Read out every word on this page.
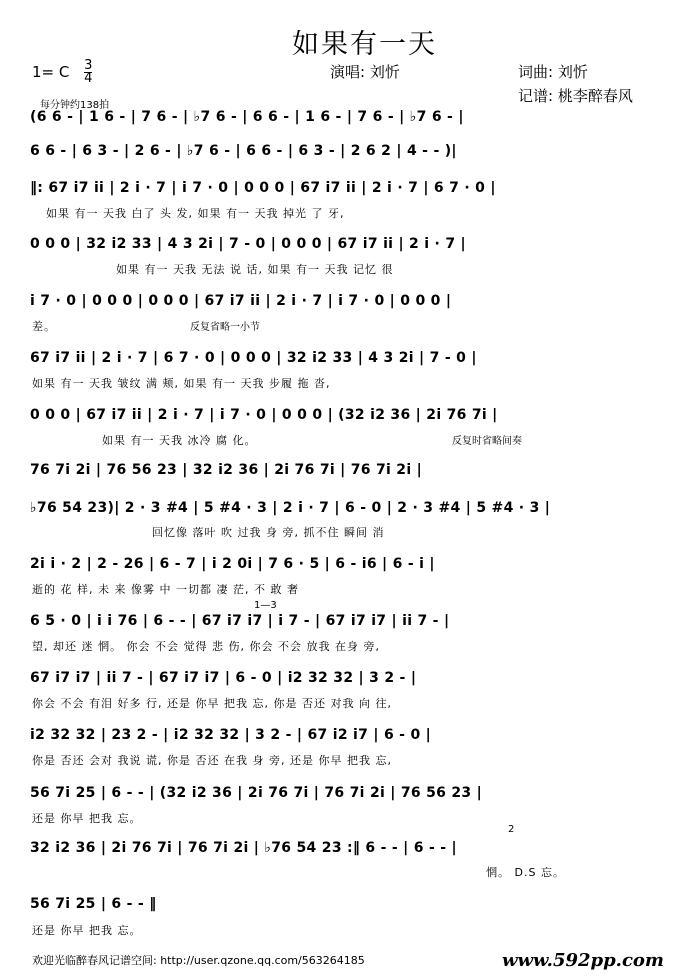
如果有一天
1= C $\frac{3}{4}$	演唱: 刘忻	词曲: 刘忻
记谱: 桃李醉春风
每分钟约138拍
(6 6 - | 1 6 - | 7 6 - | ♭7 6 - | 6 6 - | 1 6 - | 7 6 - | ♭7 6 - |
6 6 - | 6 3 - | 2 6 - | ♭7 6 - | 6 6 - | 6 3 - | 2 6 2 | 4 - - )|
‖: 67 i7 ii | 2 i · 7 | i 7 · 0 | 0 0 0 | 67 i7 ii | 2 i · 7 | 6 7 · 0 |
如果 有一 天我 白了 头 发, 如果 有一 天我 掉光 了 牙,
0 0 0 | 32 i2 33 | 4 3 2i | 7 - 0 | 0 0 0 | 67 i7 ii | 2 i · 7 |
如果 有一 天我 无法 说 话, 如果 有一 天我 记忆 很
i 7 · 0 | 0 0 0 | 0 0 0 | 67 i7 ii | 2 i · 7 | i 7 · 0 | 0 0 0 |
差。	反复省略一小节
67 i7 ii | 2 i · 7 | 6 7 · 0 | 0 0 0 | 32 i2 33 | 4 3 2i | 7 - 0 |
如果 有一 天我 皱纹 满 颊, 如果 有一 天我 步履 拖 沓,
0 0 0 | 67 i7 ii | 2 i · 7 | i 7 · 0 | 0 0 0 | (32 i2 36 | 2i 76 7i |
如果 有一 天我 冰冷 腐 化。	反复时省略间奏
76 7i 2i | 76 56 23 | 32 i2 36 | 2i 76 7i | 76 7i 2i |
♭76 54 23)| 2 · 3 #4 | 5 #4 · 3 | 2 i · 7 | 6 - 0 | 2 · 3 #4 | 5 #4 · 3 |
回忆像 落叶 吹 过我 身 旁, 抓不住 瞬间 消
2i i · 2 | 2 - 26 | 6 - 7 | i 2 0i | 7 6 · 5 | 6 - i6 | 6 - i |
逝的 花 样, 未 来 像雾 中 一切都 凄 茫, 不 敢 奢
1—3
6 5 · 0 | i i 76 | 6 - - | 67 i7 i7 | i 7 - | 67 i7 i7 | ii 7 - |
望, 却还 迷 惘。 你会 不会 觉得 悲 伤, 你会 不会 放我 在身 旁,
67 i7 i7 | ii 7 - | 67 i7 i7 | 6 - 0 | i2 32 32 | 3 2 - |
你会 不会 有泪 好多 行, 还是 你早 把我 忘, 你是 否还 对我 向 往,
i2 32 32 | 23 2 - | i2 32 32 | 3 2 - | 67 i2 i7 | 6 - 0 |
你是 否还 会对 我说 谎, 你是 否还 在我 身 旁, 还是 你早 把我 忘,
56 7i 25 | 6 - - | (32 i2 36 | 2i 76 7i | 76 7i 2i | 76 56 23 |
还是 你早 把我 忘。
2
32 i2 36 | 2i 76 7i | 76 7i 2i | ♭76 54 23 :‖ 6 - - | 6 - - |
惘。 D.S 忘。
56 7i 25 | 6 - - ‖
还是 你早 把我 忘。
欢迎光临醉春风记谱空间: http://user.qzone.qq.com/563264185	www.592pp.com
